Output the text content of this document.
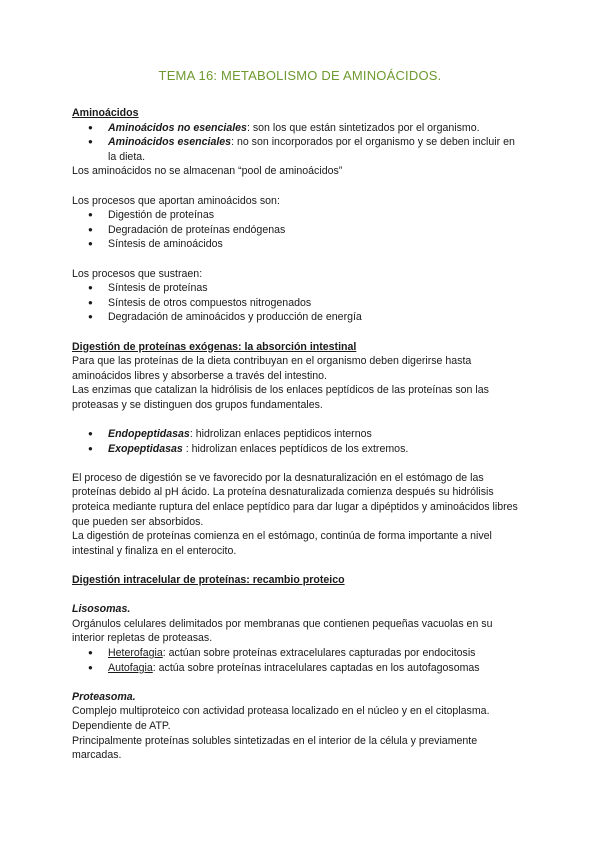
TEMA 16: METABOLISMO DE AMINOÁCIDOS.
Aminoácidos
● Aminoácidos no esenciales: son los que están sintetizados por el organismo.
● Aminoácidos esenciales: no son incorporados por el organismo y se deben incluir en la dieta.
Los aminoácidos no se almacenan “pool de aminoácidos”
Los procesos que aportan aminoácidos son:
● Digestión de proteínas
● Degradación de proteínas endógenas
● Síntesis de aminoácidos
Los procesos que sustraen:
● Síntesis de proteínas
● Síntesis de otros compuestos nitrogenados
● Degradación de aminoácidos y producción de energía
Digestión de proteínas exógenas: la absorción intestinal
Para que las proteínas de la dieta contribuyan en el organismo deben digerirse hasta aminoácidos libres y absorberse a través del intestino.
Las enzimas que catalizan la hidrólisis de los enlaces peptídicos de las proteínas son las proteasas y se distinguen dos grupos fundamentales.
● Endopeptidasas: hidrolizan enlaces peptidicos internos
● Exopeptidasas : hidrolizan enlaces peptídicos de los extremos.
El proceso de digestión se ve favorecido por la desnaturalización en el estómago de las proteínas debido al pH ácido. La proteína desnaturalizada comienza después su hidrólisis proteica mediante ruptura del enlace peptídico para dar lugar a dipéptidos y aminoácidos libres que pueden ser absorbidos.
La digestión de proteínas comienza en el estómago, continúa de forma importante a nivel intestinal y finaliza en el enterocito.
Digestión intracelular de proteínas: recambio proteico
Lisosomas.
Orgánulos celulares delimitados por membranas que contienen pequeñas vacuolas en su interior repletas de proteasas.
● Heterofagia: actúan sobre proteínas extracelulares capturadas por endocitosis
● Autofagia: actúa sobre proteínas intracelulares captadas en los autofagosomas
Proteasoma.
Complejo multiproteico con actividad proteasa localizado en el núcleo y en el citoplasma.
Dependiente de ATP.
Principalmente proteínas solubles sintetizadas en el interior de la célula y previamente marcadas.
